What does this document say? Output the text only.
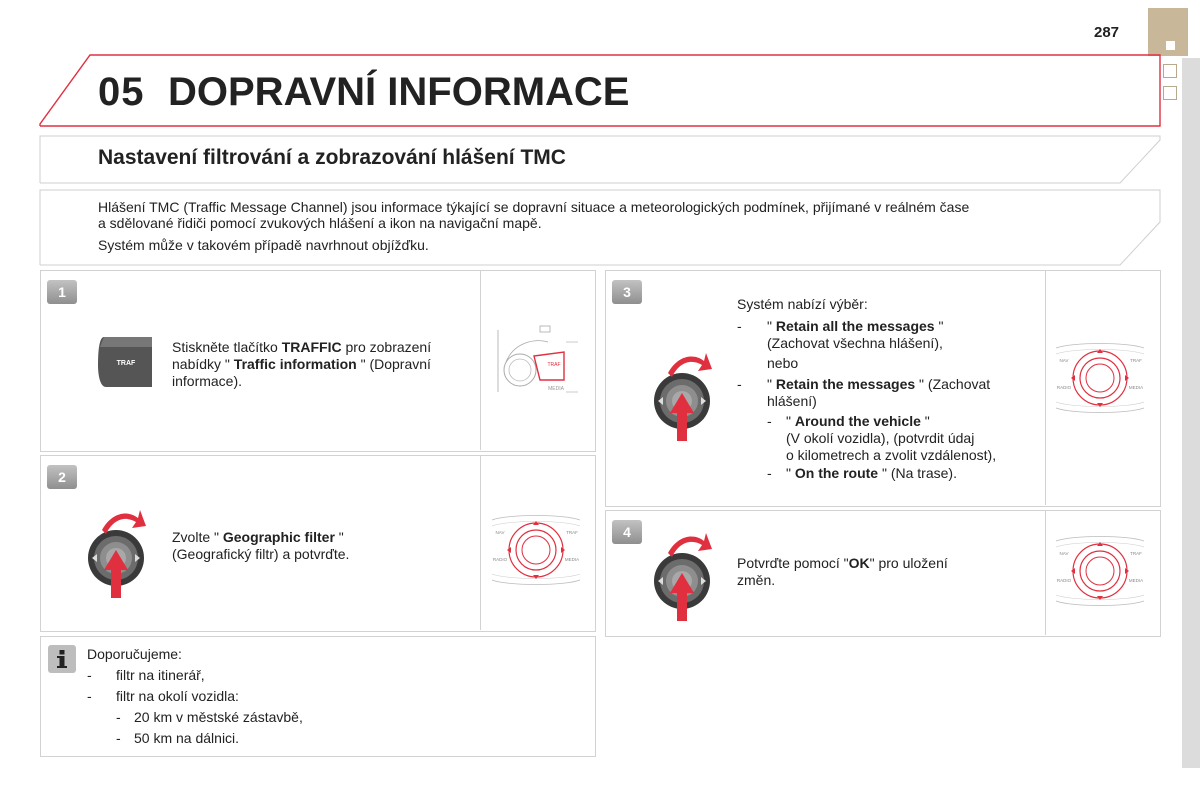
287
05 DOPRAVNÍ INFORMACE
Nastavení filtrování a zobrazování hlášení TMC

Hlášení TMC (Traffic Message Channel) jsou informace týkající se dopravní situace a meteorologických podmínek, přijímané v reálném čase
a sdělované řidiči pomocí zvukových hlášení a ikon na navigační mapě.

Systém může v takovém případě navrhnout objížďku.

1
TRAF
Stiskněte tlačítko TRAFFIC pro zobrazení
nabídky " Traffic information " (Dopravní
informace).
TRAF
MEDIA
2
Zvolte " Geographic filter "
(Geografický filtr) a potvrďte.
NAV	TRAF
RADIO	MEDIA
3
Systém nabízí výběr:
- " Retain all the messages "
(Zachovat všechna hlášení),
nebo
- " Retain the messages " (Zachovat
hlášení)
- " Around the vehicle "
(V okolí vozidla), (potvrdit údaj
o kilometrech a zvolit vzdálenost),
- " On the route " (Na trase).
NAV	TRAF
RADIO	MEDIA
4
Potvrďte pomocí "OK" pro uložení
změn.
NAV	TRAF
RADIO	MEDIA
Doporučujeme:
- filtr na itinerář,
- filtr na okolí vozidla:
- 20 km v městské zástavbě,
- 50 km na dálnici.
